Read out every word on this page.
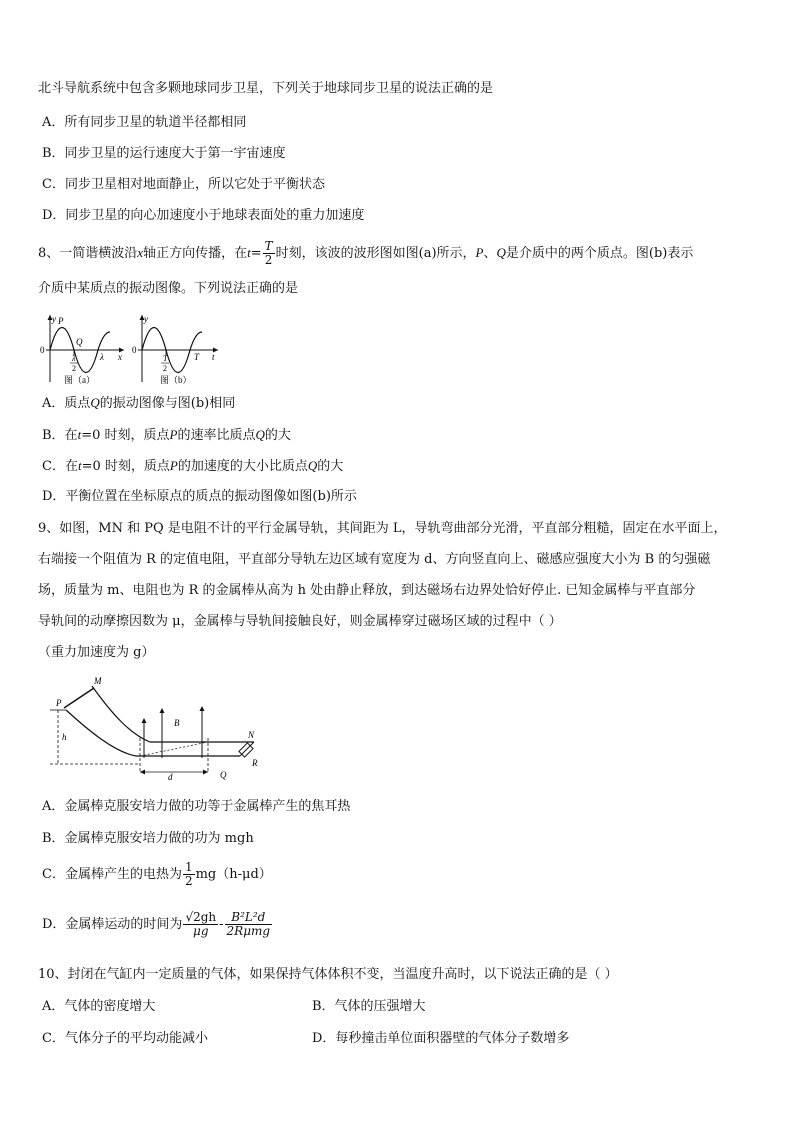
北斗导航系统中包含多颗地球同步卫星，下列关于地球同步卫星的说法正确的是
A．所有同步卫星的轨道半径都相同
B．同步卫星的运行速度大于第一宇宙速度
C．同步卫星相对地面静止，所以它处于平衡状态
D．同步卫星的向心加速度小于地球表面处的重力加速度
8、一简谐横波沿x轴正方向传播，在$t= \frac{T}{2}$ 时刻，该波的波形图如图(a)所示，P、Q是介质中的两个质点。图(b)表示
介质中某质点的振动图像。下列说法正确的是
y P
Q
0
λ
2
λ x
图（a）
y
0
T
2
T t
图（b）
A．质点Q的振动图像与图(b)相同
B．在t=0 时刻，质点P的速率比质点Q的大
C．在t=0 时刻，质点P的加速度的大小比质点Q的大
D．平衡位置在坐标原点的质点的振动图像如图(b)所示
9、如图，MN 和 PQ 是电阻不计的平行金属导轨，其间距为 L，导轨弯曲部分光滑，平直部分粗糙，固定在水平面上，
右端接一个阻值为 R 的定值电阻，平直部分导轨左边区域有宽度为 d、方向竖直向上、磁感应强度大小为 B 的匀强磁
场，质量为 m、电阻也为 R 的金属棒从高为 h 处由静止释放，到达磁场右边界处恰好停止. 已知金属棒与平直部分
导轨间的动摩擦因数为 μ，金属棒与导轨间接触良好，则金属棒穿过磁场区域的过程中（ ）
（重力加速度为 g）
M
P
h
B
N
d	Q
R
A．金属棒克服安培力做的功等于金属棒产生的焦耳热
B．金属棒克服安培力做的功为 mgh
C．金属棒产生的电热为 $\frac{1}{2} mg(h-\mu d)$
D．金属棒运动的时间为 $\frac{√2gh}{\mu g} - \frac{\text{B²L²d}}{\text{2Rμmg}}$
10、封闭在气缸内一定质量的气体，如果保持气体体积不变，当温度升高时，以下说法正确的是（ ）
A．气体的密度增大	B．气体的压强增大
C．气体分子的平均动能减小	D．每秒撞击单位面积器壁的气体分子数增多
